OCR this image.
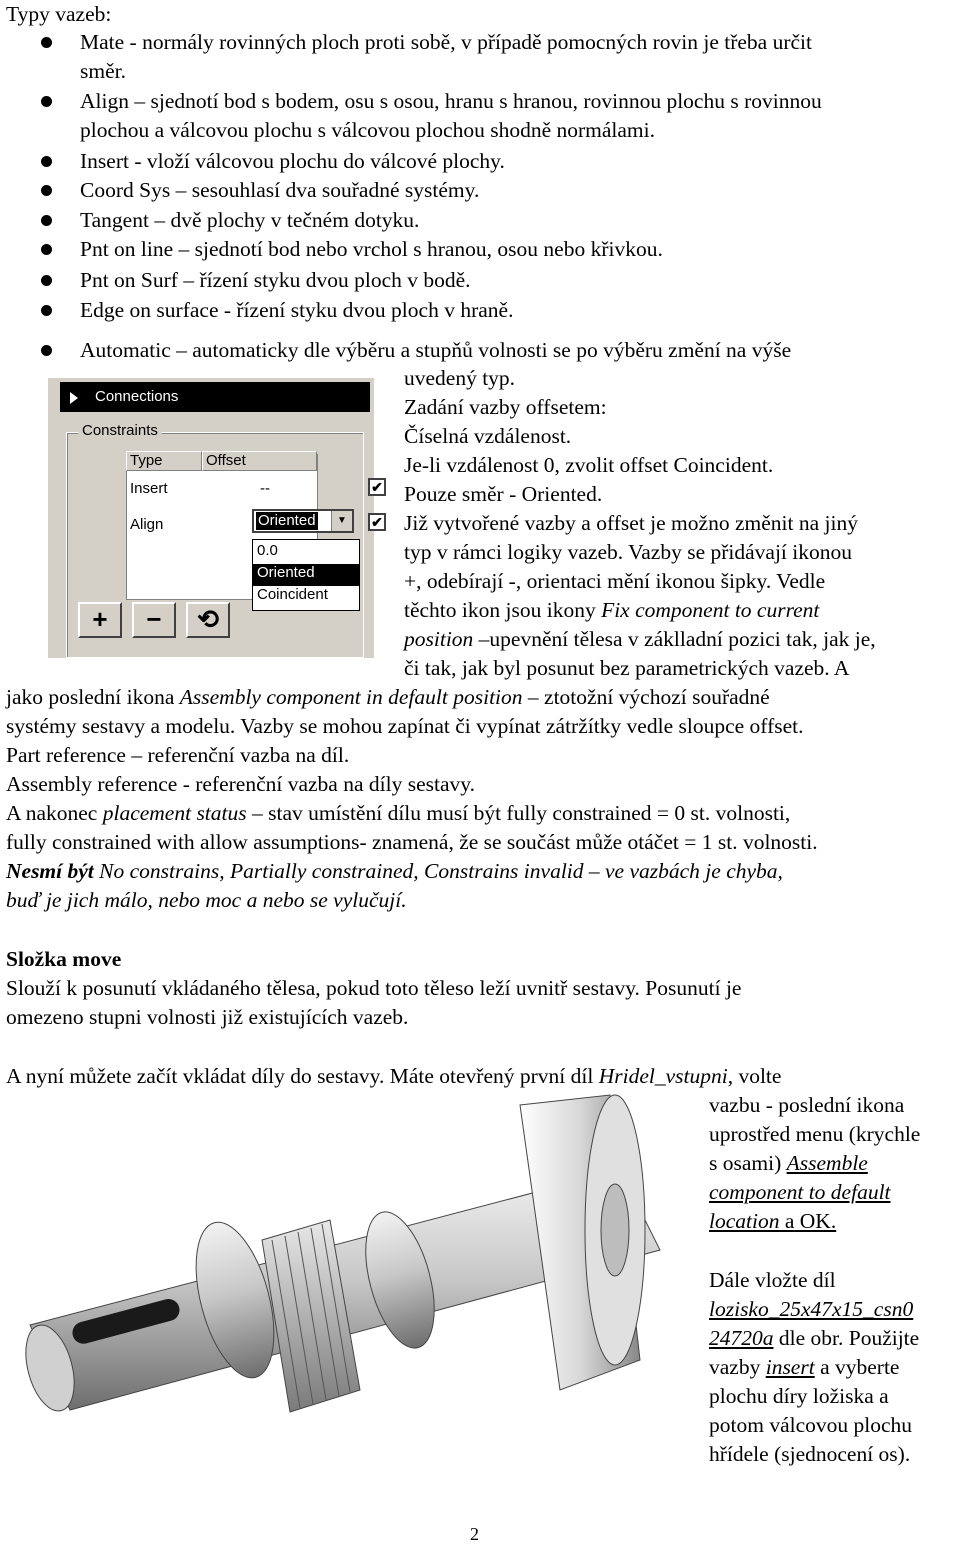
Typy vazeb:
Mate - normály rovinných ploch proti sobě, v případě pomocných rovin je třeba určit
směr.
Align – sjednotí bod s bodem, osu s osou, hranu s hranou, rovinnou plochu s rovinnou
plochou a válcovou plochu s válcovou plochou shodně normálami.
Insert - vloží válcovou plochu do válcové plochy.
Coord Sys – sesouhlasí dva souřadné systémy.
Tangent – dvě plochy v tečném dotyku.
Pnt on line – sjednotí bod nebo vrchol s hranou, osou nebo křivkou.
Pnt on Surf – řízení styku dvou ploch v bodě.
Edge on surface - řízení styku dvou ploch v hraně.
Automatic – automaticky dle výběru a stupňů volnosti se po výběru změní na výše
uvedený typ.
Zadání vazby offsetem:
Číselná vzdálenost.
Je-li vzdálenost 0, zvolit offset Coincident.
Pouze směr - Oriented.
Již vytvořené vazby a offset je možno změnit na jiný
typ v rámci logiky vazeb. Vazby se přidávají ikonou
+, odebírají -, orientaci mění ikonou šipky. Vedle
těchto ikon jsou ikony Fix component to current
position –upevnění tělesa v zákl​ladní pozici tak, jak je,
či tak, jak byl posunut bez parametrických vazeb. A
Connections
Constraints
Type	Offset
Insert	--	✔
Align	Oriented	▼	✔
0.0
Oriented
Coincident
+	−	⟲
jako poslední ikona Assembly component in default position – ztotožní výchozí souřadné
systémy sestavy a modelu. Vazby se mohou zapínat či vypínat zátržítky vedle sloupce offset.
Part reference – referenční vazba na díl.
Assembly reference - referenční vazba na díly sestavy.
A nakonec placement status – stav umístění dílu musí být fully constrained = 0 st. volnosti,
fully constrained with allow assumptions- znamená, že se součást může otáčet = 1 st. volnosti.
Nesmí být No constrains, Partially constrained, Constrains invalid – ve vazbách je chyba,
buď je jich málo, nebo moc a nebo se vylučují.
Složka move
Slouží k posunutí vkládaného tělesa, pokud toto těleso leží uvnitř sestavy. Posunutí je
omezeno stupni volnosti již existujících vazeb.
A nyní můžete začít vkládat díly do sestavy. Máte otevřený první díl Hridel_vstupni, volte
vazbu - poslední ikona
uprostřed menu (krychle
s osami) Assemble
component to default
location a OK.
Dále vložte díl
lozisko_25x47x15_csn0
24720a dle obr. Použijte
vazby insert a vyberte
plochu díry ložiska a
potom válcovou plochu
hřídele (sjednocení os).
2
